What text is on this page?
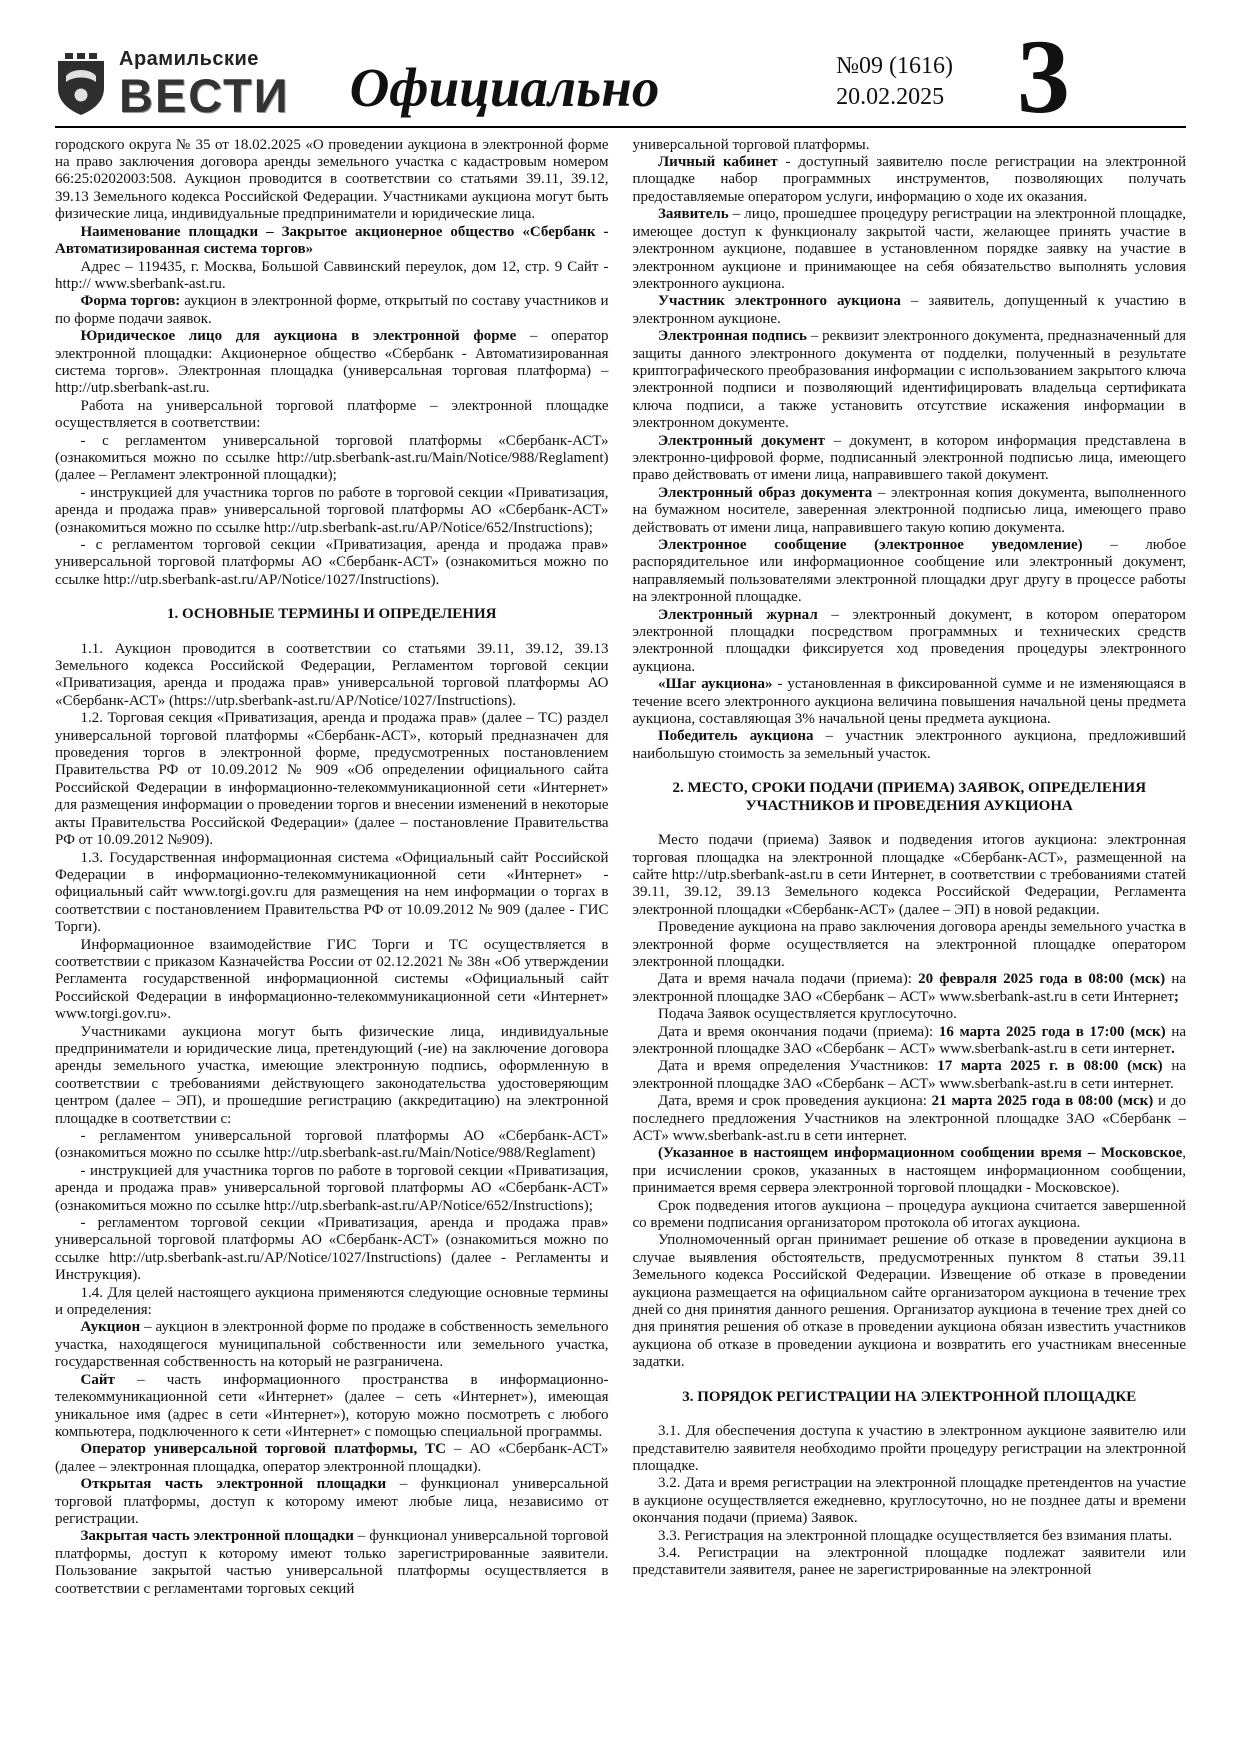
Арамильские
ВЕСТИ Официально	№09 (1616)
20.02.2025 3

городского округа № 35 от 18.02.2025 «О проведении аукциона в электронной форме на право заключения договора аренды земельного участка с кадастровым номером 66:25:0202003:508. Аукцион проводится в соответствии со статьями 39.11, 39.12, 39.13 Земельного кодекса Российской Федерации. Участниками аукциона могут быть физические лица, индивидуальные предприниматели и юридические лица.

Наименование площадки – Закрытое акционерное общество «Сбербанк - Автоматизированная система торгов»

Адрес – 119435, г. Москва, Большой Саввинский переулок, дом 12, стр. 9 Сайт - http:// www.sberbank-ast.ru.

Форма торгов: аукцион в электронной форме, открытый по составу участников и по форме подачи заявок.

Юридическое лицо для аукциона в электронной форме – оператор электронной площадки: Акционерное общество «Сбербанк - Автоматизированная система торгов». Электронная площадка (универсальная торговая платформа) – http://utp.sberbank-ast.ru.

Работа на универсальной торговой платформе – электронной площадке осуществляется в соответствии:

- с регламентом универсальной торговой платформы «Сбербанк-АСТ» (ознакомиться можно по ссылке http://utp.sberbank-ast.ru/Main/Notice/988/Reglament) (далее – Регламент электронной площадки);

- инструкцией для участника торгов по работе в торговой секции «Приватизация, аренда и продажа прав» универсальной торговой платформы АО «Сбербанк-АСТ» (ознакомиться можно по ссылке http://utp.sberbank-ast.ru/AP/Notice/652/Instructions);

- с регламентом торговой секции «Приватизация, аренда и продажа прав» универсальной торговой платформы АО «Сбербанк-АСТ» (ознакомиться можно по ссылке http://utp.sberbank-ast.ru/AP/Notice/1027/Instructions).

1. ОСНОВНЫЕ ТЕРМИНЫ И ОПРЕДЕЛЕНИЯ

1.1. Аукцион проводится в соответствии со статьями 39.11, 39.12, 39.13 Земельного кодекса Российской Федерации, Регламентом торговой секции «Приватизация, аренда и продажа прав» универсальной торговой платформы АО «Сбербанк-АСТ» (https://utp.sberbank-ast.ru/AP/Notice/1027/Instructions).

1.2. Торговая секция «Приватизация, аренда и продажа прав» (далее – ТС) раздел универсальной торговой платформы «Сбербанк-АСТ», который предназначен для проведения торгов в электронной форме, предусмотренных постановлением Правительства РФ от 10.09.2012 № 909 «Об определении официального сайта Российской Федерации в информационно-телекоммуникационной сети «Интернет» для размещения информации о проведении торгов и внесении изменений в некоторые акты Правительства Российской Федерации» (далее – постановление Правительства РФ от 10.09.2012 №909).

1.3. Государственная информационная система «Официальный сайт Российской Федерации в информационно-телекоммуникационной сети «Интернет» - официальный сайт www.torgi.gov.ru для размещения на нем информации о торгах в соответствии с постановлением Правительства РФ от 10.09.2012 № 909 (далее - ГИС Торги).

Информационное взаимодействие ГИС Торги и ТС осуществляется в соответствии с приказом Казначейства России от 02.12.2021 № 38н «Об утверждении Регламента государственной информационной системы «Официальный сайт Российской Федерации в информационно-телекоммуникационной сети «Интернет» www.torgi.gov.ru».

Участниками аукциона могут быть физические лица, индивидуальные предприниматели и юридические лица, претендующий (-ие) на заключение договора аренды земельного участка, имеющие электронную подпись, оформленную в соответствии с требованиями действующего законодательства удостоверяющим центром (далее – ЭП), и прошедшие регистрацию (аккредитацию) на электронной площадке в соответствии с:

- регламентом универсальной торговой платформы АО «Сбербанк-АСТ» (ознакомиться можно по ссылке http://utp.sberbank-ast.ru/Main/Notice/988/Reglament)

- инструкцией для участника торгов по работе в торговой секции «Приватизация, аренда и продажа прав» универсальной торговой платформы АО «Сбербанк-АСТ» (ознакомиться можно по ссылке http://utp.sberbank-ast.ru/AP/Notice/652/Instructions);

- регламентом торговой секции «Приватизация, аренда и продажа прав» универсальной торговой платформы АО «Сбербанк-АСТ» (ознакомиться можно по ссылке http://utp.sberbank-ast.ru/AP/Notice/1027/Instructions) (далее - Регламенты и Инструкция).

1.4. Для целей настоящего аукциона применяются следующие основные термины и определения:

Аукцион – аукцион в электронной форме по продаже в собственность земельного участка, находящегося муниципальной собственности или земельного участка, государственная собственность на который не разграничена.

Сайт – часть информационного пространства в информационно-телекоммуникационной сети «Интернет» (далее – сеть «Интернет»), имеющая уникальное имя (адрес в сети «Интернет»), которую можно посмотреть с любого компьютера, подключенного к сети «Интернет» с помощью специальной программы.

Оператор универсальной торговой платформы, ТС – АО «Сбербанк-АСТ» (далее – электронная площадка, оператор электронной площадки).

Открытая часть электронной площадки – функционал универсальной торговой платформы, доступ к которому имеют любые лица, независимо от регистрации.

Закрытая часть электронной площадки – функционал универсальной торговой платформы, доступ к которому имеют только зарегистрированные заявители. Пользование закрытой частью универсальной платформы осуществляется в соответствии с регламентами торговых секций

универсальной торговой платформы.

Личный кабинет - доступный заявителю после регистрации на электронной площадке набор программных инструментов, позволяющих получать предоставляемые оператором услуги, информацию о ходе их оказания.

Заявитель – лицо, прошедшее процедуру регистрации на электронной площадке, имеющее доступ к функционалу закрытой части, желающее принять участие в электронном аукционе, подавшее в установленном порядке заявку на участие в электронном аукционе и принимающее на себя обязательство выполнять условия электронного аукциона.

Участник электронного аукциона – заявитель, допущенный к участию в электронном аукционе.

Электронная подпись – реквизит электронного документа, предназначенный для защиты данного электронного документа от подделки, полученный в результате криптографического преобразования информации с использованием закрытого ключа электронной подписи и позволяющий идентифицировать владельца сертификата ключа подписи, а также установить отсутствие искажения информации в электронном документе.

Электронный документ – документ, в котором информация представлена в электронно-цифровой форме, подписанный электронной подписью лица, имеющего право действовать от имени лица, направившего такой документ.

Электронный образ документа – электронная копия документа, выполненного на бумажном носителе, заверенная электронной подписью лица, имеющего право действовать от имени лица, направившего такую копию документа.

Электронное сообщение (электронное уведомление) – любое распорядительное или информационное сообщение или электронный документ, направляемый пользователями электронной площадки друг другу в процессе работы на электронной площадке.

Электронный журнал – электронный документ, в котором оператором электронной площадки посредством программных и технических средств электронной площадки фиксируется ход проведения процедуры электронного аукциона.

«Шаг аукциона» - установленная в фиксированной сумме и не изменяющаяся в течение всего электронного аукциона величина повышения начальной цены предмета аукциона, составляющая 3% начальной цены предмета аукциона.

Победитель аукциона – участник электронного аукциона, предложивший наибольшую стоимость за земельный участок.

2. МЕСТО, СРОКИ ПОДАЧИ (ПРИЕМА) ЗАЯВОК, ОПРЕДЕЛЕНИЯ УЧАСТНИКОВ И ПРОВЕДЕНИЯ АУКЦИОНА

Место подачи (приема) Заявок и подведения итогов аукциона: электронная торговая площадка на электронной площадке «Сбербанк-АСТ», размещенной на сайте http://utp.sberbank-ast.ru в сети Интернет, в соответствии с требованиями статей 39.11, 39.12, 39.13 Земельного кодекса Российской Федерации, Регламента электронной площадки «Сбербанк-АСТ» (далее – ЭП) в новой редакции.

Проведение аукциона на право заключения договора аренды земельного участка в электронной форме осуществляется на электронной площадке оператором электронной площадки.

Дата и время начала подачи (приема): 20 февраля 2025 года в 08:00 (мск) на электронной площадке ЗАО «Сбербанк – АСТ» www.sberbank-ast.ru в сети Интернет;

Подача Заявок осуществляется круглосуточно.

Дата и время окончания подачи (приема): 16 марта 2025 года в 17:00 (мск) на электронной площадке ЗАО «Сбербанк – АСТ» www.sberbank-ast.ru в сети интернет.

Дата и время определения Участников: 17 марта 2025 г. в 08:00 (мск) на электронной площадке ЗАО «Сбербанк – АСТ» www.sberbank-ast.ru в сети интернет.

Дата, время и срок проведения аукциона: 21 марта 2025 года в 08:00 (мск) и до последнего предложения Участников на электронной площадке ЗАО «Сбербанк – АСТ» www.sberbank-ast.ru в сети интернет.

(Указанное в настоящем информационном сообщении время – Московское, при исчислении сроков, указанных в настоящем информационном сообщении, принимается время сервера электронной торговой площадки - Московское).

Срок подведения итогов аукциона – процедура аукциона считается завершенной со времени подписания организатором протокола об итогах аукциона.

Уполномоченный орган принимает решение об отказе в проведении аукциона в случае выявления обстоятельств, предусмотренных пунктом 8 статьи 39.11 Земельного кодекса Российской Федерации. Извещение об отказе в проведении аукциона размещается на официальном сайте организатором аукциона в течение трех дней со дня принятия данного решения. Организатор аукциона в течение трех дней со дня принятия решения об отказе в проведении аукциона обязан известить участников аукциона об отказе в проведении аукциона и возвратить его участникам внесенные задатки.

3. ПОРЯДОК РЕГИСТРАЦИИ НА ЭЛЕКТРОННОЙ ПЛОЩАДКЕ

3.1. Для обеспечения доступа к участию в электронном аукционе заявителю или представителю заявителя необходимо пройти процедуру регистрации на электронной площадке.

3.2. Дата и время регистрации на электронной площадке претендентов на участие в аукционе осуществляется ежедневно, круглосуточно, но не позднее даты и времени окончания подачи (приема) Заявок.

3.3. Регистрация на электронной площадке осуществляется без взимания платы.

3.4. Регистрации на электронной площадке подлежат заявители или представители заявителя, ранее не зарегистрированные на электронной
